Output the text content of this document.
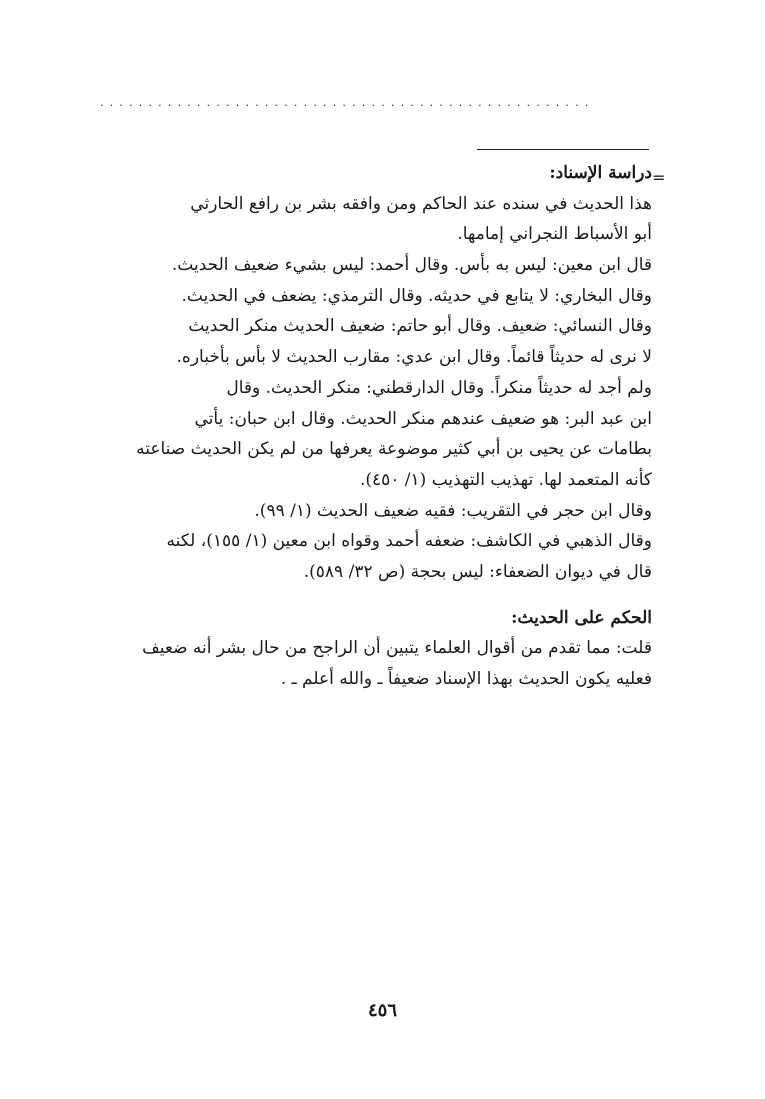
...................................................
=
دراسة الإسناد:
هذا الحديث في سنده عند الحاكم ومن وافقه بشر بن رافع الحارثي
أبو الأسباط النجراني إمامها.
قال ابن معين: ليس به بأس. وقال أحمد: ليس بشيء ضعيف الحديث.
وقال البخاري: لا يتابع في حديثه. وقال الترمذي: يضعف في الحديث.
وقال النسائي: ضعيف. وقال أبو حاتم: ضعيف الحديث منكر الحديث
لا نرى له حديثاً قائماً. وقال ابن عدي: مقارب الحديث لا بأس بأخباره.
ولم أجد له حديثاً منكراً. وقال الدارقطني: منكر الحديث. وقال
ابن عبد البر: هو ضعيف عندهم منكر الحديث. وقال ابن حبان: يأتي
بطامات عن يحيى بن أبي كثير موضوعة يعرفها من لم يكن الحديث صناعته
كأنه المتعمد لها. تهذيب التهذيب (١/ ٤٥٠).
وقال ابن حجر في التقريب: فقيه ضعيف الحديث (١/ ٩٩).
وقال الذهبي في الكاشف: ضعفه أحمد وقواه ابن معين (١/ ١٥٥)، لكنه
قال في ديوان الضعفاء: ليس بحجة (ص ٣٢/ ٥٨٩).
الحكم على الحديث:
قلت: مما تقدم من أقوال العلماء يتبين أن الراجح من حال بشر أنه ضعيف
فعليه يكون الحديث بهذا الإسناد ضعيفاً ـ والله أعلم ـ .
٤٥٦
